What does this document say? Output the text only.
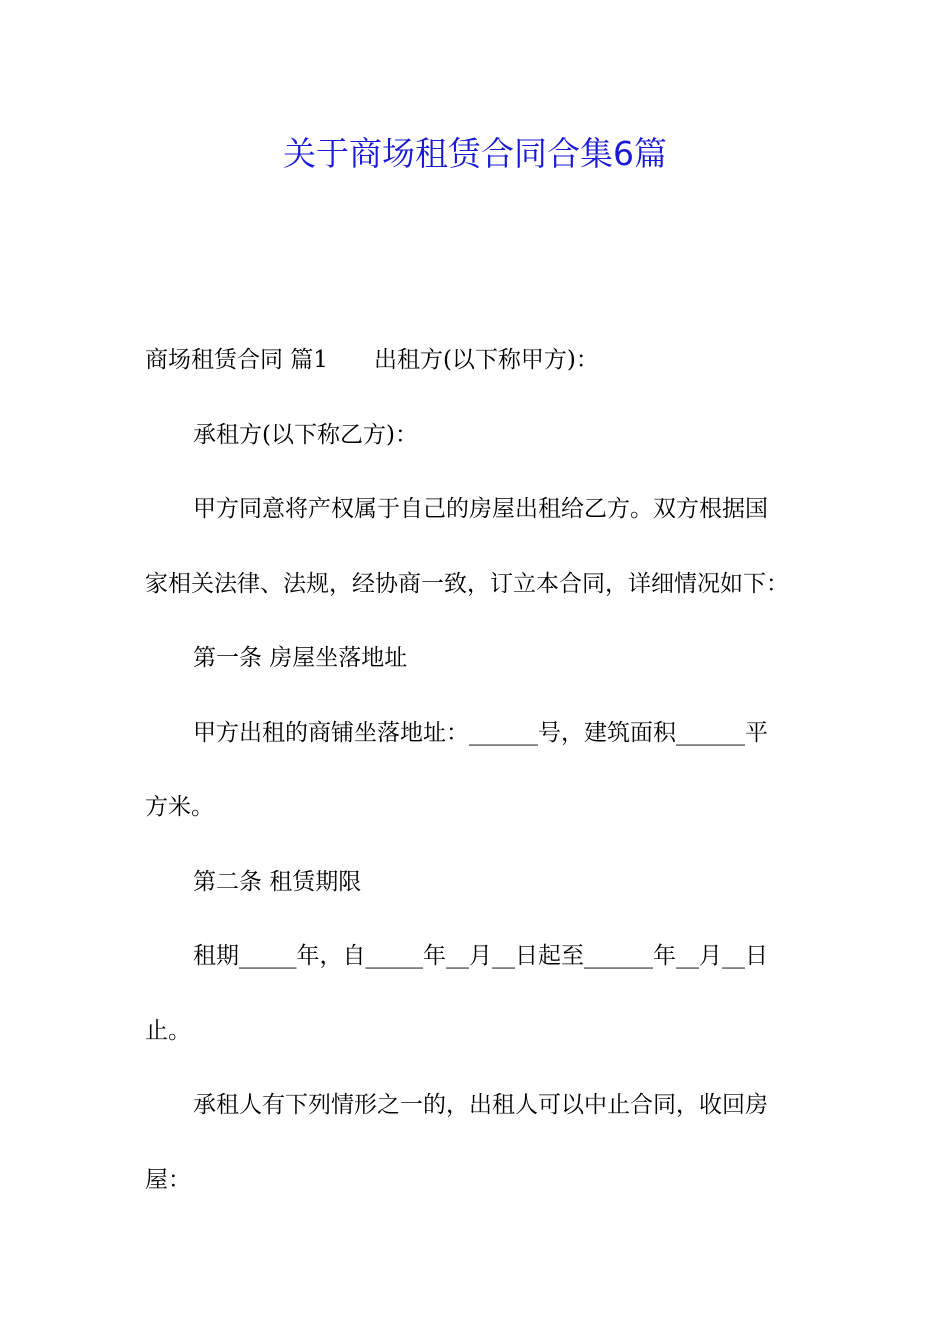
关于商场租赁合同合集6篇
商场租赁合同 篇1 出租方(以下称甲方)：
承租方(以下称乙方)：
甲方同意将产权属于自己的房屋出租给乙方。双方根据国
家相关法律、法规，经协商一致，订立本合同，详细情况如下：
第一条 房屋坐落地址
甲方出租的商铺坐落地址：______号，建筑面积______平
方米。
第二条 租赁期限
租期_____年，自_____年__月__日起至______年__月__日
止。
承租人有下列情形之一的，出租人可以中止合同，收回房
屋：
